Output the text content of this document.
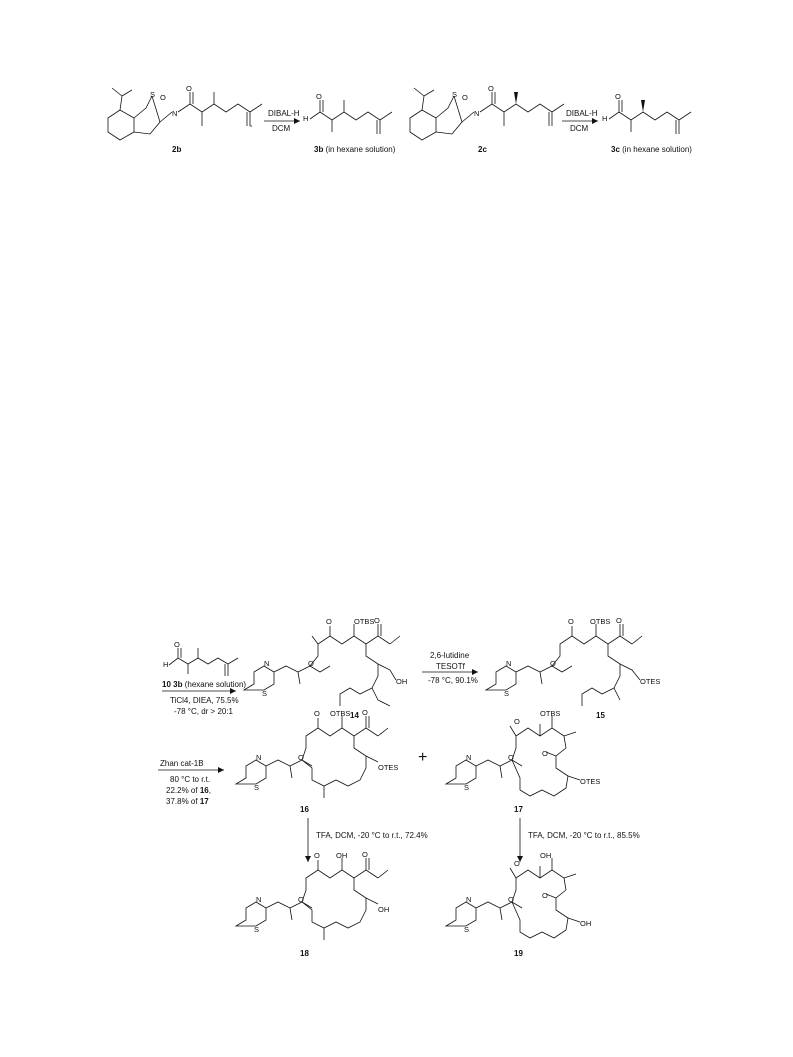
S O
N
O
2b
DIBAL-H
DCM
H
O
3b (in hexane solution)
S O
N
O
2c
DIBAL-H
DCM
H
O
3c (in hexane solution)
H
O
10 3b (hexane solution)
TiCl4, DIEA, 75.5%
-78 °C, dr > 20:1
S
N	O
O	OTBS O
OH
14
2,6-lutidine
TESOTf
-78 °C, 90.1%
S
N	O
O OTBS O
OTES
15
Zhan cat-1B
80 °C to r.t.
22.2% of 16,
37.8% of 17
S
N	O
O OTBS O
OTES
16
+
S
N	O
O
OTBS
O
OTES
17
TFA, DCM, -20 °C to r.t., 72.4%	TFA, DCM, -20 °C to r.t., 85.5%
S
N	O
O OH O
OH
18
S
N	O
O
OH
O
OH
19
